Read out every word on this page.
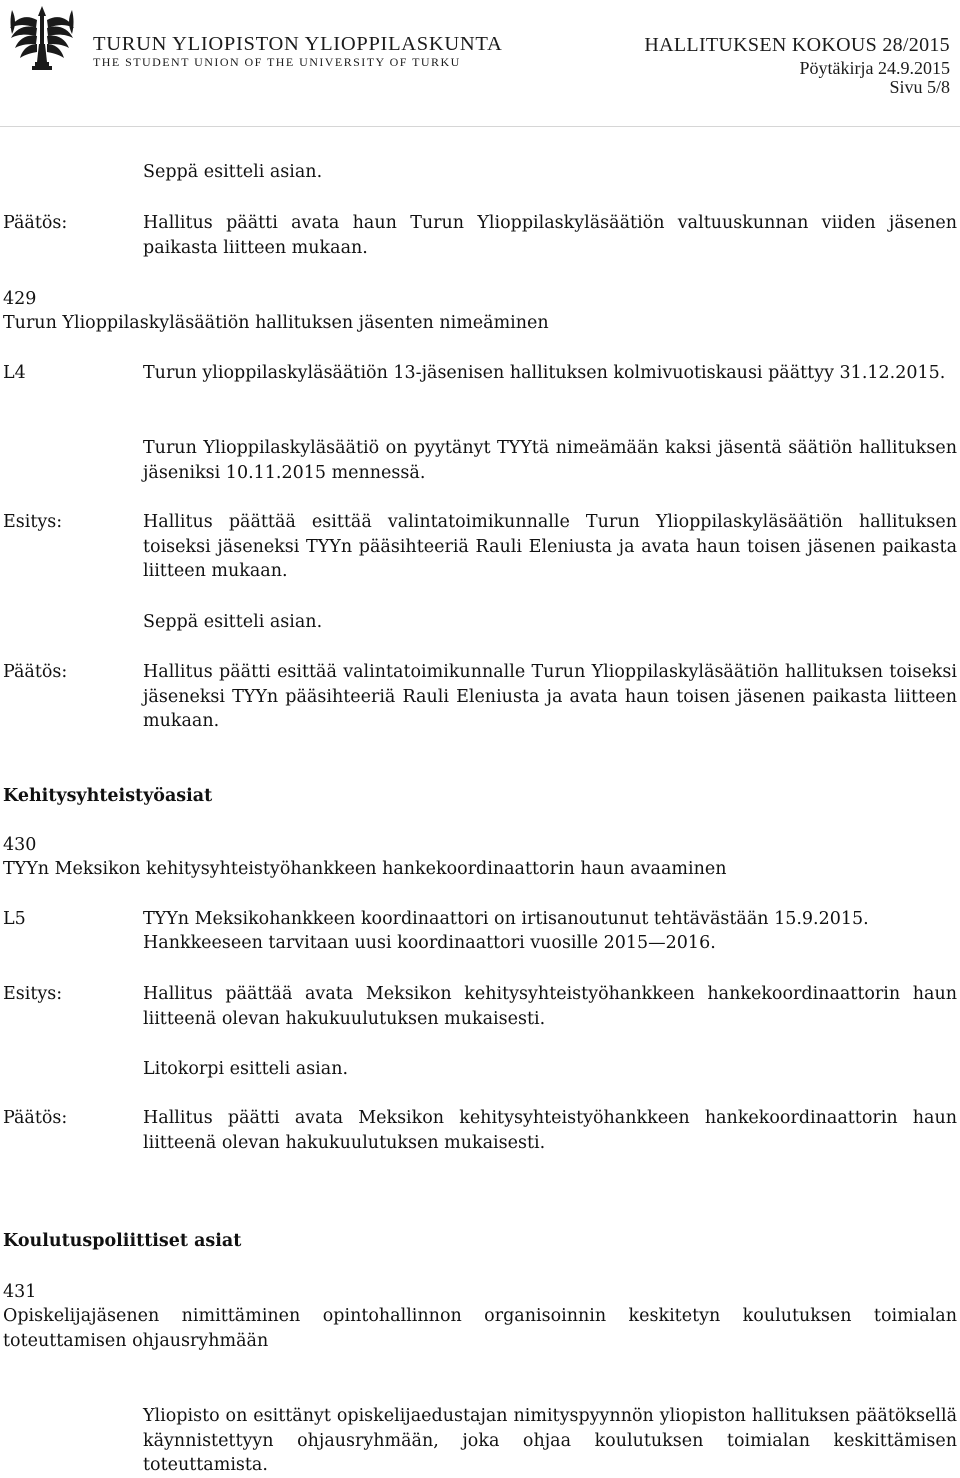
TURUN YLIOPISTON YLIOPPILASKUNTA
THE STUDENT UNION OF THE UNIVERSITY OF TURKU
HALLITUKSEN KOKOUS 28/2015
Pöytäkirja 24.9.2015
Sivu 5/8

Seppä esitteli asian.

Päätös:	Hallitus päätti avata haun Turun Ylioppilaskyläsäätiön valtuuskunnan viiden jäsenen paikasta liitteen mukaan.

429

Turun Ylioppilaskyläsäätiön hallituksen jäsenten nimeäminen

L4	Turun ylioppilaskyläsäätiön 13-jäsenisen hallituksen kolmivuotiskausi päättyy 31.12.2015.

Turun Ylioppilaskyläsäätiö on pyytänyt TYYtä nimeämään kaksi jäsentä säätiön hallituksen jäseniksi 10.11.2015 mennessä.

Esitys:	Hallitus päättää esittää valintatoimikunnalle Turun Ylioppilaskyläsäätiön hallituksen toiseksi jäseneksi TYYn pääsihteeriä Rauli Eleniusta ja avata haun toisen jäsenen paikasta liitteen mukaan.

Seppä esitteli asian.

Päätös:	Hallitus päätti esittää valintatoimikunnalle Turun Ylioppilaskyläsäätiön hallituksen toiseksi jäseneksi TYYn pääsihteeriä Rauli Eleniusta ja avata haun toisen jäsenen paikasta liitteen mukaan.

Kehitysyhteistyöasiat

430

TYYn Meksikon kehitysyhteistyöhankkeen hankekoordinaattorin haun avaaminen

L5	TYYn Meksikohankkeen koordinaattori on irtisanoutunut tehtävästään 15.9.2015.

Hankkeeseen tarvitaan uusi koordinaattori vuosille 2015—2016.

Esitys:	Hallitus päättää avata Meksikon kehitysyhteistyöhankkeen hankekoordinaattorin haun liitteenä olevan hakukuulutuksen mukaisesti.

Litokorpi esitteli asian.

Päätös:	Hallitus päätti avata Meksikon kehitysyhteistyöhankkeen hankekoordinaattorin haun liitteenä olevan hakukuulutuksen mukaisesti.

Koulutuspoliittiset asiat

431

Opiskelijajäsenen nimittäminen opintohallinnon organisoinnin keskitetyn koulutuksen toimialan toteuttamisen ohjausryhmään

Yliopisto on esittänyt opiskelijaedustajan nimityspyynnön yliopiston hallituksen päätöksellä käynnistettyyn ohjausryhmään, joka ohjaa koulutuksen toimialan keskittämisen toteuttamista.
